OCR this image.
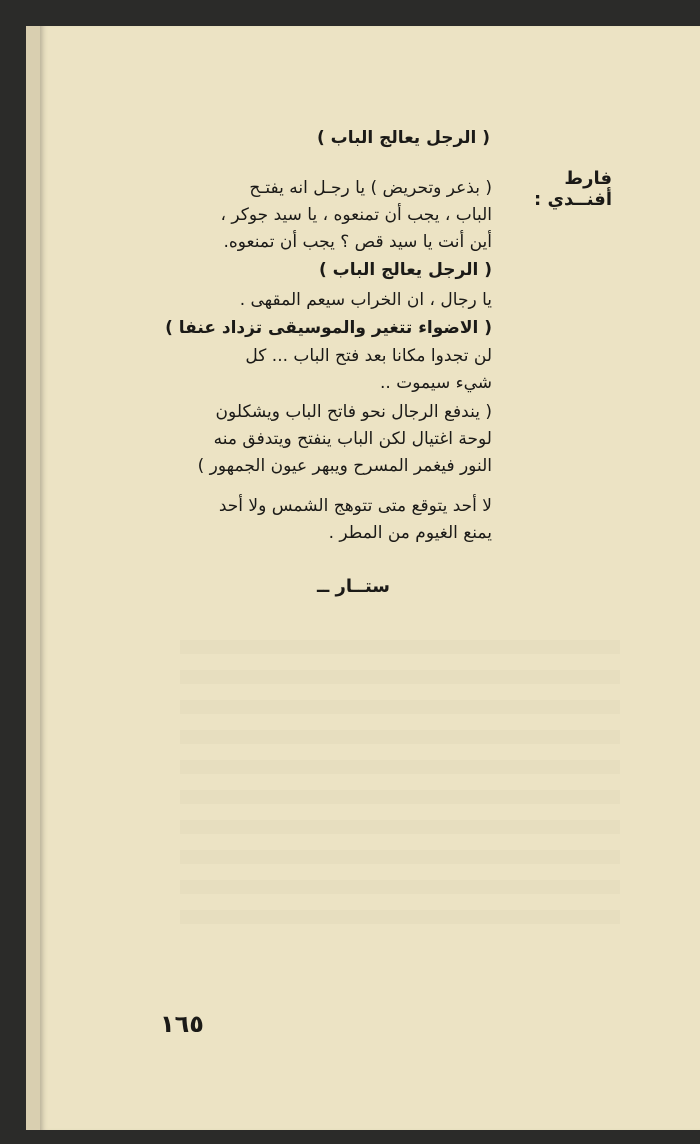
( الرجل يعالج الباب )
فارط أفنــدي :
( بذعر وتحريض ) يا رجـل انه يفتـح
الباب ، يجب أن تمنعوه ، يا سيد جوكر ،
أين أنت يا سيد قص ؟ يجب أن تمنعوه.
( الرجل يعالج الباب )
يا رجال ، ان الخراب سيعم المقهى .
( الاضواء تتغير والموسيقى تزداد عنفا )
لن تجدوا مكانا بعد فتح الباب ... كل
شيء سيموت ..
( يندفع الرجال نحو فاتح الباب ويشكلون
لوحة اغتيال لكن الباب ينفتح ويتدفق منه
النور فيغمر المسرح ويبهر عيون الجمهور )
لا أحد يتوقع متى تتوهج الشمس ولا أحد
يمنع الغيوم من المطر .
ستــار ــ
١٦٥
